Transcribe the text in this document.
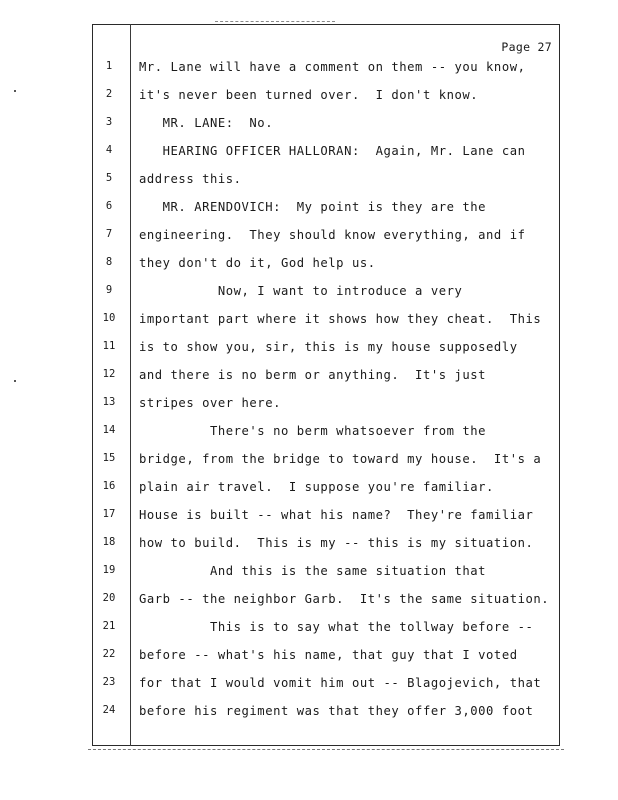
Page 27
1	Mr. Lane will have a comment on them -- you know,
2	it's never been turned over.  I don't know.
3	MR. LANE:  No.
4	HEARING OFFICER HALLORAN:  Again, Mr. Lane can
5	address this.
6	MR. ARENDOVICH:  My point is they are the
7	engineering.  They should know everything, and if
8	they don't do it, God help us.
9	Now, I want to introduce a very
10	important part where it shows how they cheat.  This
11	is to show you, sir, this is my house supposedly
12	and there is no berm or anything.  It's just
13	stripes over here.
14	There's no berm whatsoever from the
15	bridge, from the bridge to toward my house.  It's a
16	plain air travel.  I suppose you're familiar.
17	House is built -- what his name?  They're familiar
18	how to build.  This is my -- this is my situation.
19	And this is the same situation that
20	Garb -- the neighbor Garb.  It's the same situation.
21	This is to say what the tollway before --
22	before -- what's his name, that guy that I voted
23	for that I would vomit him out -- Blagojevich, that
24	before his regiment was that they offer 3,000 foot
